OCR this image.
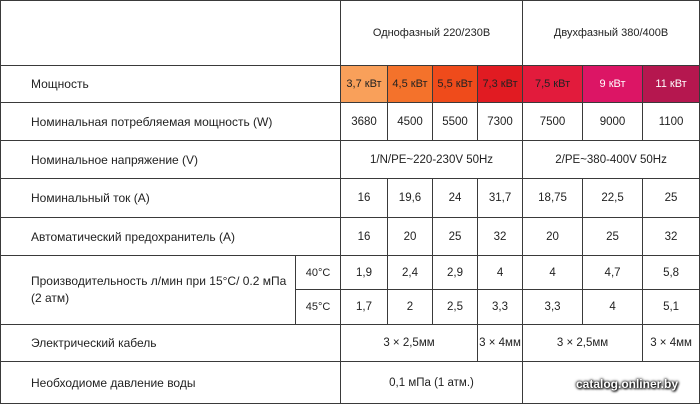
		Однофазный 220/230В				Двухфазный 380/400В		
Мощность		3,7 кВт	4,5 кВт	5,5 кВт	7,3 кВт	7,5 кВт	9 кВт	11 кВт
Номинальная потребляемая мощность (W)		3680	4500	5500	7300	7500	9000	1100
Номинальное напряжение (V)		1/N/PE~220-230V 50Hz				2/PE~380-400V 50Hz		
Номинальный ток (A)		16	19,6	24	31,7	18,75	22,5	25
Автоматический предохранитель (A)		16	20	25	32	20	25	32
Производительность л/мин при 15°C/ 0.2 мПа (2 атм)	40°C	1,9	2,4	2,9	4	4	4,7	5,8
	45°C	1,7	2	2,5	3,3	3,3	4	5,1
Электрический кабель		3 × 2,5мм			3 × 4мм	3 × 2,5мм		3 × 4мм
Необходиоме давление воды		0,1 мПа (1 атм.)							catalog.onliner.by
